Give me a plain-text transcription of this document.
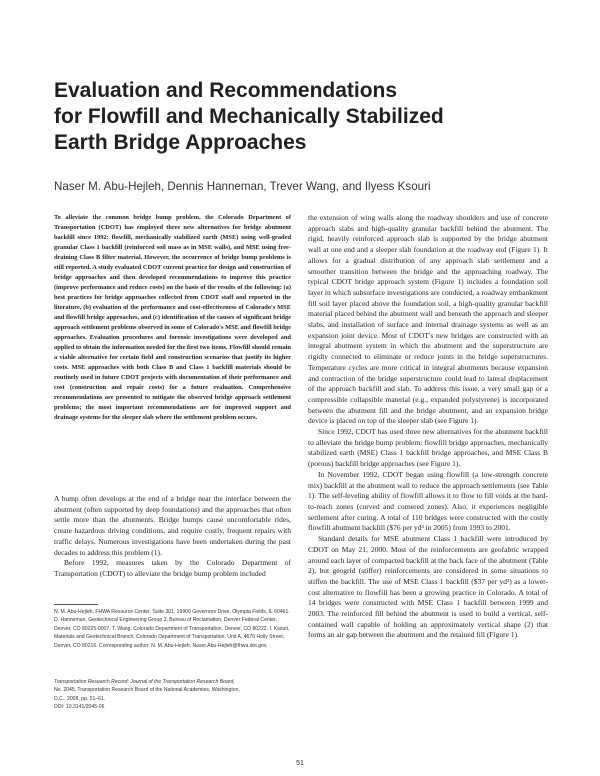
Evaluation and Recommendations
for Flowfill and Mechanically Stabilized
Earth Bridge Approaches
Naser M. Abu-Hejleh, Dennis Hanneman, Trever Wang, and Ilyess Ksouri
To alleviate the common bridge bump problem, the Colorado Department of Transportation (CDOT) has employed three new alternatives for bridge abutment backfill since 1992: flowfill, mechanically stabilized earth (MSE) using well-graded granular Class 1 backfill (reinforced soil mass as in MSE walls), and MSE using free-draining Class B filter material. However, the occurrence of bridge bump problems is still reported. A study evaluated CDOT current practice for design and construction of bridge approaches and then developed recommendations to improve this practice (improve performance and reduce costs) on the basis of the results of the following: (a) best practices for bridge approaches collected from CDOT staff and reported in the literature, (b) evaluation of the performance and cost-effectiveness of Colorado's MSE and flowfill bridge approaches, and (c) identification of the causes of significant bridge approach settlement problems observed in some of Colorado's MSE and flowfill bridge approaches. Evaluation procedures and forensic investigations were developed and applied to obtain the information needed for the first two items. Flowfill should remain a viable alternative for certain field and construction scenarios that justify its higher costs. MSE approaches with both Class B and Class 1 backfill materials should be routinely used in future CDOT projects with documentation of their performance and cost (construction and repair costs) for a future evaluation. Comprehensive recommendations are presented to mitigate the observed bridge approach settlement problems; the most important recommendations are for improved support and drainage systems for the sleeper slab where the settlement problem occurs.

A bump often develops at the end of a bridge near the interface between the abutment (often supported by deep foundations) and the approaches that often settle more than the abutments. Bridge bumps cause uncomfortable rides, create hazardous driving conditions, and require costly, frequent repairs with traffic delays. Numerous investigations have been undertaken during the past decades to address this problem (1).

Before 1992, measures taken by the Colorado Department of Transportation (CDOT) to alleviate the bridge bump problem included

N. M. Abu-Hejleh, FHWA Resource Center, Suite 301, 19900 Governors Drive, Olympia Fields, IL 60461. D. Hanneman, Geotechnical Engineering Group 3, Bureau of Reclamation, Denver Federal Center, Denver, CO 80225-0007. T. Wang, Colorado Department of Transportation, Denver, CO 80222. I. Ksouri, Materials and Geotechnical Branch, Colorado Department of Transportation, Unit A, 4670 Holly Street, Denver, CO 80216. Corresponding author: N. M. Abu-Hejleh, Naser.Abu-Hejleh@fhwa.dot.gov.
Transportation Research Record: Journal of the Transportation Research Board,
No. 2045, Transportation Research Board of the National Academies, Washington,
D.C., 2008, pp. 51–61.
DOI: 10.3141/2045-06

the extension of wing walls along the roadway shoulders and use of concrete approach slabs and high-quality granular backfill behind the abutment. The rigid, heavily reinforced approach slab is supported by the bridge abutment wall at one end and a sleeper slab foundation at the roadway end (Figure 1). It allows for a gradual distribution of any approach slab settlement and a smoother transition between the bridge and the approaching roadway. The typical CDOT bridge approach system (Figure 1) includes a foundation soil layer in which subsurface investigations are conducted, a roadway embankment fill soil layer placed above the foundation soil, a high-quality granular backfill material placed behind the abutment wall and beneath the approach and sleeper slabs, and installation of surface and internal drainage systems as well as an expansion joint device. Most of CDOT's new bridges are constructed with an integral abutment system in which the abutment and the superstructure are rigidly connected to eliminate or reduce joints in the bridge superstructures. Temperature cycles are more critical in integral abutments because expansion and contraction of the bridge superstructure could lead to lateral displacement of the approach backfill and slab. To address this issue, a very small gap or a compressible collapsible material (e.g., expanded polystyrene) is incorporated between the abutment fill and the bridge abutment, and an expansion bridge device is placed on top of the sleeper slab (see Figure 1).

Since 1992, CDOT has used three new alternatives for the abutment backfill to alleviate the bridge bump problem: flowfill bridge approaches, mechanically stabilized earth (MSE) Class 1 backfill bridge approaches, and MSE Class B (porous) backfill bridge approaches (see Figure 1).

In November 1992, CDOT began using flowfill (a low-strength concrete mix) backfill at the abutment wall to reduce the approach settlements (see Table 1). The self-leveling ability of flowfill allows it to flow to fill voids at the hard-to-reach zones (curved and cornered zones). Also, it experiences negligible settlement after curing. A total of 110 bridges were constructed with the costly flowfill abutment backfill ($76 per yd³ in 2005) from 1993 to 2001.

Standard details for MSE abutment Class 1 backfill were introduced by CDOT on May 21, 2000. Most of the reinforcements are geofabric wrapped around each layer of compacted backfill at the back face of the abutment (Table 2), but geogrid (stiffer) reinforcements are considered in some situations to stiffen the backfill. The use of MSE Class 1 backfill ($37 per yd³) as a lower-cost alternative to flowfill has been a growing practice in Colorado. A total of 14 bridges were constructed with MSE Class 1 backfill between 1999 and 2003. The reinforced fill behind the abutment is used to build a vertical, self-contained wall capable of holding an approximately vertical shape (2) that forms an air gap between the abutment and the retained fill (Figure 1).

51
